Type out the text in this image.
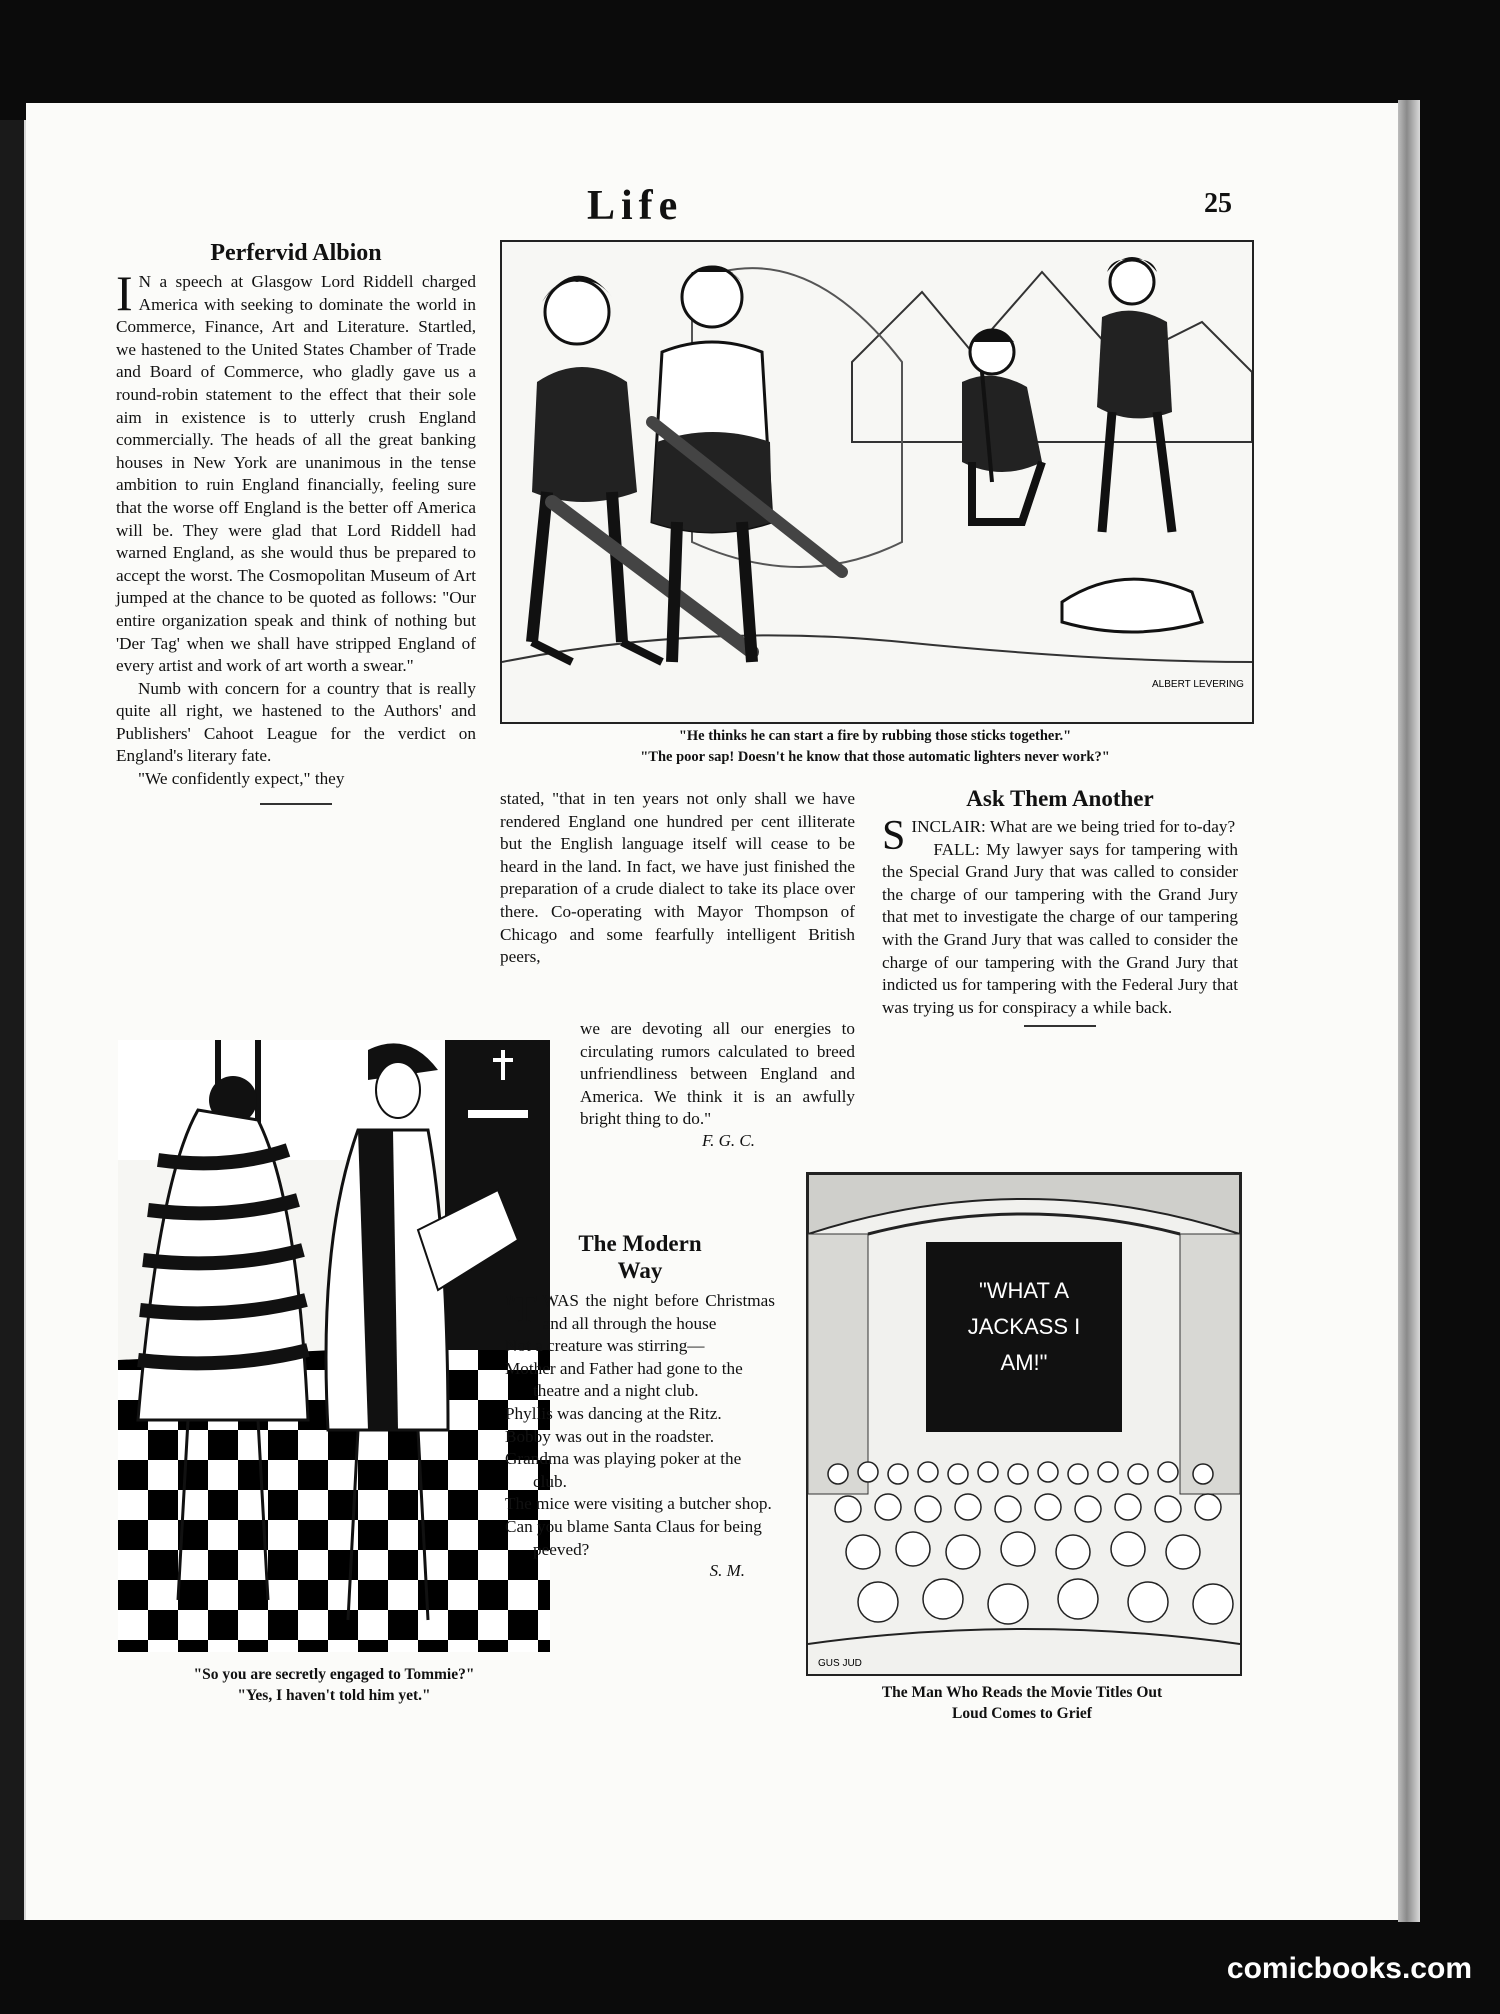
Life	25
Perfervid Albion

I N a speech at Glasgow Lord Riddell charged America with seeking to dominate the world in Commerce, Finance, Art and Literature. Startled, we hastened to the United States Chamber of Trade and Board of Commerce, who gladly gave us a round-robin statement to the effect that their sole aim in existence is to utterly crush England commercially. The heads of all the great banking houses in New York are unanimous in the tense ambition to ruin England financially, feeling sure that the worse off England is the better off America will be. They were glad that Lord Riddell had warned England, as she would thus be prepared to accept the worst. The Cosmopolitan Museum of Art jumped at the chance to be quoted as follows: "Our entire organization speak and think of nothing but 'Der Tag' when we shall have stripped England of every artist and work of art worth a swear."

Numb with concern for a country that is really quite all right, we hastened to the Authors' and Publishers' Cahoot League for the verdict on England's literary fate.

"We confidently expect," they

ALBERT LEVERING

"He thinks he can start a fire by rubbing those sticks together."

"The poor sap! Doesn't he know that those automatic lighters never work?"

stated, "that in ten years not only shall we have rendered England one hundred per cent illiterate but the English language itself will cease to be heard in the land. In fact, we have just finished the preparation of a crude dialect to take its place over there. Co-operating with Mayor Thompson of Chicago and some fearfully intelligent British peers,

we are devoting all our energies to circulating rumors calculated to breed unfriendliness between England and America. We think it is an awfully bright thing to do."

F. G. C.

Ask Them Another

S INCLAIR: What are we being tried for to-day?

FALL: My lawyer says for tampering with the Special Grand Jury that was called to consider the charge of our tampering with the Grand Jury that met to investigate the charge of our tampering with the Grand Jury that was called to consider the charge of our tampering with the Grand Jury that indicted us for tampering with the Federal Jury that was trying us for conspiracy a while back.

"So you are secretly engaged to Tommie?"

"Yes, I haven't told him yet."

The Modern
Way

'T WAS the night before Christmas and all through the house

Not a creature was stirring—

Mother and Father had gone to the theatre and a night club.

Phyllis was dancing at the Ritz.

Bobby was out in the roadster.

Grandma was playing poker at the club.

The mice were visiting a butcher shop.

Can you blame Santa Claus for being peeved?

S. M.

"WHAT A
JACKASS I
AM!"
GUS JUD

The Man Who Reads the Movie Titles Out

Loud Comes to Grief

comicbooks.com
